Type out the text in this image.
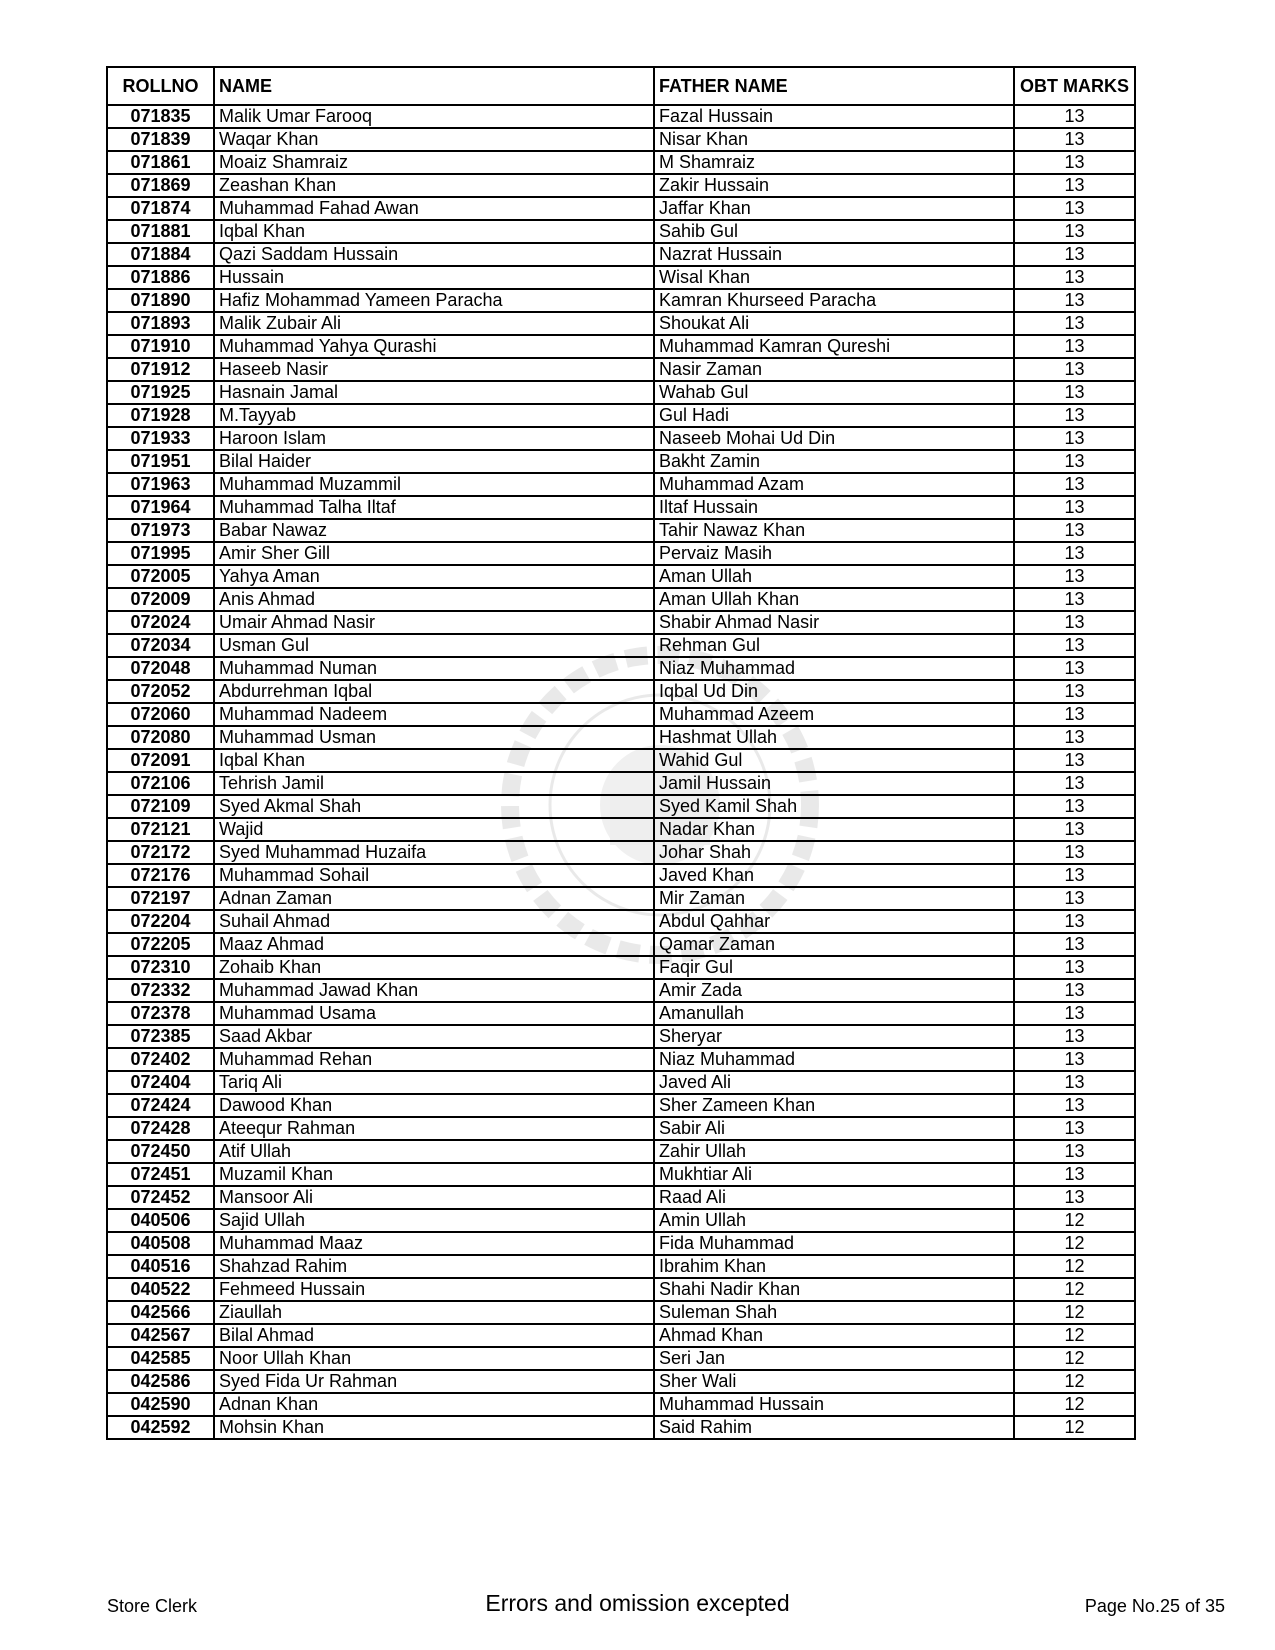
ROLLNO	NAME	FATHER NAME	OBT MARKS
071835	Malik Umar Farooq	Fazal Hussain	13
071839	Waqar Khan	Nisar Khan	13
071861	Moaiz Shamraiz	M Shamraiz	13
071869	Zeashan Khan	Zakir Hussain	13
071874	Muhammad Fahad Awan	Jaffar Khan	13
071881	Iqbal Khan	Sahib Gul	13
071884	Qazi Saddam Hussain	Nazrat Hussain	13
071886	Hussain	Wisal Khan	13
071890	Hafiz Mohammad Yameen Paracha	Kamran Khurseed Paracha	13
071893	Malik Zubair Ali	Shoukat Ali	13
071910	Muhammad Yahya Qurashi	Muhammad Kamran Qureshi	13
071912	Haseeb Nasir	Nasir Zaman	13
071925	Hasnain Jamal	Wahab Gul	13
071928	M.Tayyab	Gul Hadi	13
071933	Haroon Islam	Naseeb Mohai Ud Din	13
071951	Bilal Haider	Bakht Zamin	13
071963	Muhammad Muzammil	Muhammad Azam	13
071964	Muhammad Talha Iltaf	Iltaf Hussain	13
071973	Babar Nawaz	Tahir Nawaz Khan	13
071995	Amir Sher Gill	Pervaiz Masih	13
072005	Yahya Aman	Aman Ullah	13
072009	Anis Ahmad	Aman Ullah Khan	13
072024	Umair Ahmad Nasir	Shabir Ahmad Nasir	13
072034	Usman Gul	Rehman Gul	13
072048	Muhammad Numan	Niaz Muhammad	13
072052	Abdurrehman Iqbal	Iqbal Ud Din	13
072060	Muhammad Nadeem	Muhammad Azeem	13
072080	Muhammad Usman	Hashmat Ullah	13
072091	Iqbal Khan	Wahid Gul	13
072106	Tehrish Jamil	Jamil Hussain	13
072109	Syed Akmal Shah	Syed Kamil Shah	13
072121	Wajid	Nadar Khan	13
072172	Syed Muhammad Huzaifa	Johar Shah	13
072176	Muhammad Sohail	Javed Khan	13
072197	Adnan Zaman	Mir Zaman	13
072204	Suhail Ahmad	Abdul Qahhar	13
072205	Maaz Ahmad	Qamar Zaman	13
072310	Zohaib Khan	Faqir Gul	13
072332	Muhammad Jawad Khan	Amir Zada	13
072378	Muhammad Usama	Amanullah	13
072385	Saad Akbar	Sheryar	13
072402	Muhammad Rehan	Niaz Muhammad	13
072404	Tariq Ali	Javed Ali	13
072424	Dawood Khan	Sher Zameen Khan	13
072428	Ateequr Rahman	Sabir Ali	13
072450	Atif Ullah	Zahir Ullah	13
072451	Muzamil Khan	Mukhtiar Ali	13
072452	Mansoor Ali	Raad Ali	13
040506	Sajid Ullah	Amin Ullah	12
040508	Muhammad Maaz	Fida Muhammad	12
040516	Shahzad Rahim	Ibrahim Khan	12
040522	Fehmeed Hussain	Shahi Nadir Khan	12
042566	Ziaullah	Suleman Shah	12
042567	Bilal Ahmad	Ahmad Khan	12
042585	Noor Ullah Khan	Seri Jan	12
042586	Syed Fida Ur Rahman	Sher Wali	12
042590	Adnan Khan	Muhammad Hussain	12
042592	Mohsin Khan	Said Rahim	12
Store Clerk	Errors and omission excepted	Page No.25 of 35
